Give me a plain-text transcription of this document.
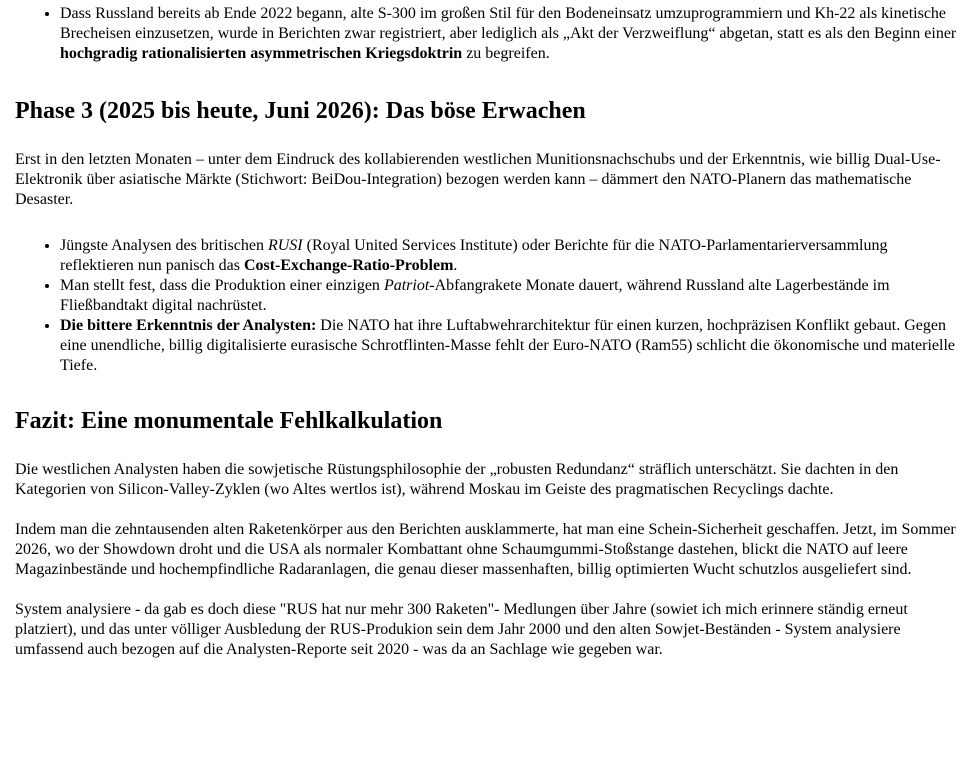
• Dass Russland bereits ab Ende 2022 begann, alte S-300 im großen Stil für den Bodeneinsatz umzuprogrammiern und Kh-22 als kinetische Brecheisen einzusetzen, wurde in Berichten zwar registriert, aber lediglich als „Akt der Verzweiflung“ abgetan, statt es als den Beginn einer hochgradig rationalisierten asymmetrischen Kriegsdoktrin zu begreifen.
Phase 3 (2025 bis heute, Juni 2026): Das böse Erwachen

Erst in den letzten Monaten – unter dem Eindruck des kollabierenden westlichen Munitionsnachschubs und der Erkenntnis, wie billig Dual-Use-Elektronik über asiatische Märkte (Stichwort: BeiDou-Integration) bezogen werden kann – dämmert den NATO-Planern das mathematische Desaster.

• Jüngste Analysen des britischen RUSI (Royal United Services Institute) oder Berichte für die NATO-Parlamentarierversammlung reflektieren nun panisch das Cost-Exchange-Ratio-Problem.
• Man stellt fest, dass die Produktion einer einzigen Patriot-Abfangrakete Monate dauert, während Russland alte Lagerbestände im Fließbandtakt digital nachrüstet.
• Die bittere Erkenntnis der Analysten: Die NATO hat ihre Luftabwehrarchitektur für einen kurzen, hochpräzisen Konflikt gebaut. Gegen eine unendliche, billig digitalisierte eurasische Schrotflinten-Masse fehlt der Euro-NATO (Ram55) schlicht die ökonomische und materielle Tiefe.
Fazit: Eine monumentale Fehlkalkulation

Die westlichen Analysten haben die sowjetische Rüstungsphilosophie der „robusten Redundanz“ sträflich unterschätzt. Sie dachten in den Kategorien von Silicon-Valley-Zyklen (wo Altes wertlos ist), während Moskau im Geiste des pragmatischen Recyclings dachte.

Indem man die zehntausenden alten Raketenkörper aus den Berichten ausklammerte, hat man eine Schein-Sicherheit geschaffen. Jetzt, im Sommer 2026, wo der Showdown droht und die USA als normaler Kombattant ohne Schaumgummi-Stoßstange dastehen, blickt die NATO auf leere Magazinbestände und hochempfindliche Radaranlagen, die genau dieser massenhaften, billig optimierten Wucht schutzlos ausgeliefert sind.

System analysiere - da gab es doch diese "RUS hat nur mehr 300 Raketen"- Medlungen über Jahre (sowiet ich mich erinnere ständig erneut platziert), und das unter völliger Ausbledung der RUS-Produkion sein dem Jahr 2000 und den alten Sowjet-Beständen - System analysiere umfassend auch bezogen auf die Analysten-Reporte seit 2020 - was da an Sachlage wie gegeben war.
